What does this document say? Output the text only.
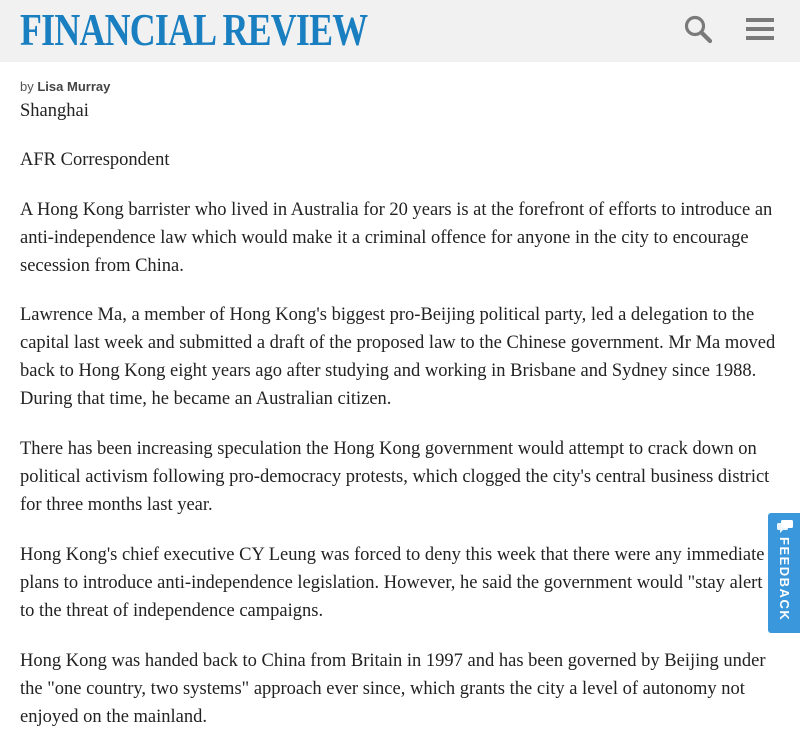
FINANCIAL REVIEW
by Lisa Murray
Shanghai
AFR Correspondent
A Hong Kong barrister who lived in Australia for 20 years is at the forefront of efforts to introduce an anti-independence law which would make it a criminal offence for anyone in the city to encourage secession from China.
Lawrence Ma, a member of Hong Kong's biggest pro-Beijing political party, led a delegation to the capital last week and submitted a draft of the proposed law to the Chinese government. Mr Ma moved back to Hong Kong eight years ago after studying and working in Brisbane and Sydney since 1988. During that time, he became an Australian citizen.
There has been increasing speculation the Hong Kong government would attempt to crack down on political activism following pro-democracy protests, which clogged the city's central business district for three months last year.
Hong Kong's chief executive CY Leung was forced to deny this week that there were any immediate plans to introduce anti-independence legislation. However, he said the government would "stay alert to the threat of independence campaigns.
Hong Kong was handed back to China from Britain in 1997 and has been governed by Beijing under the "one country, two systems" approach ever since, which grants the city a level of autonomy not enjoyed on the mainland.
FEEDBACK
